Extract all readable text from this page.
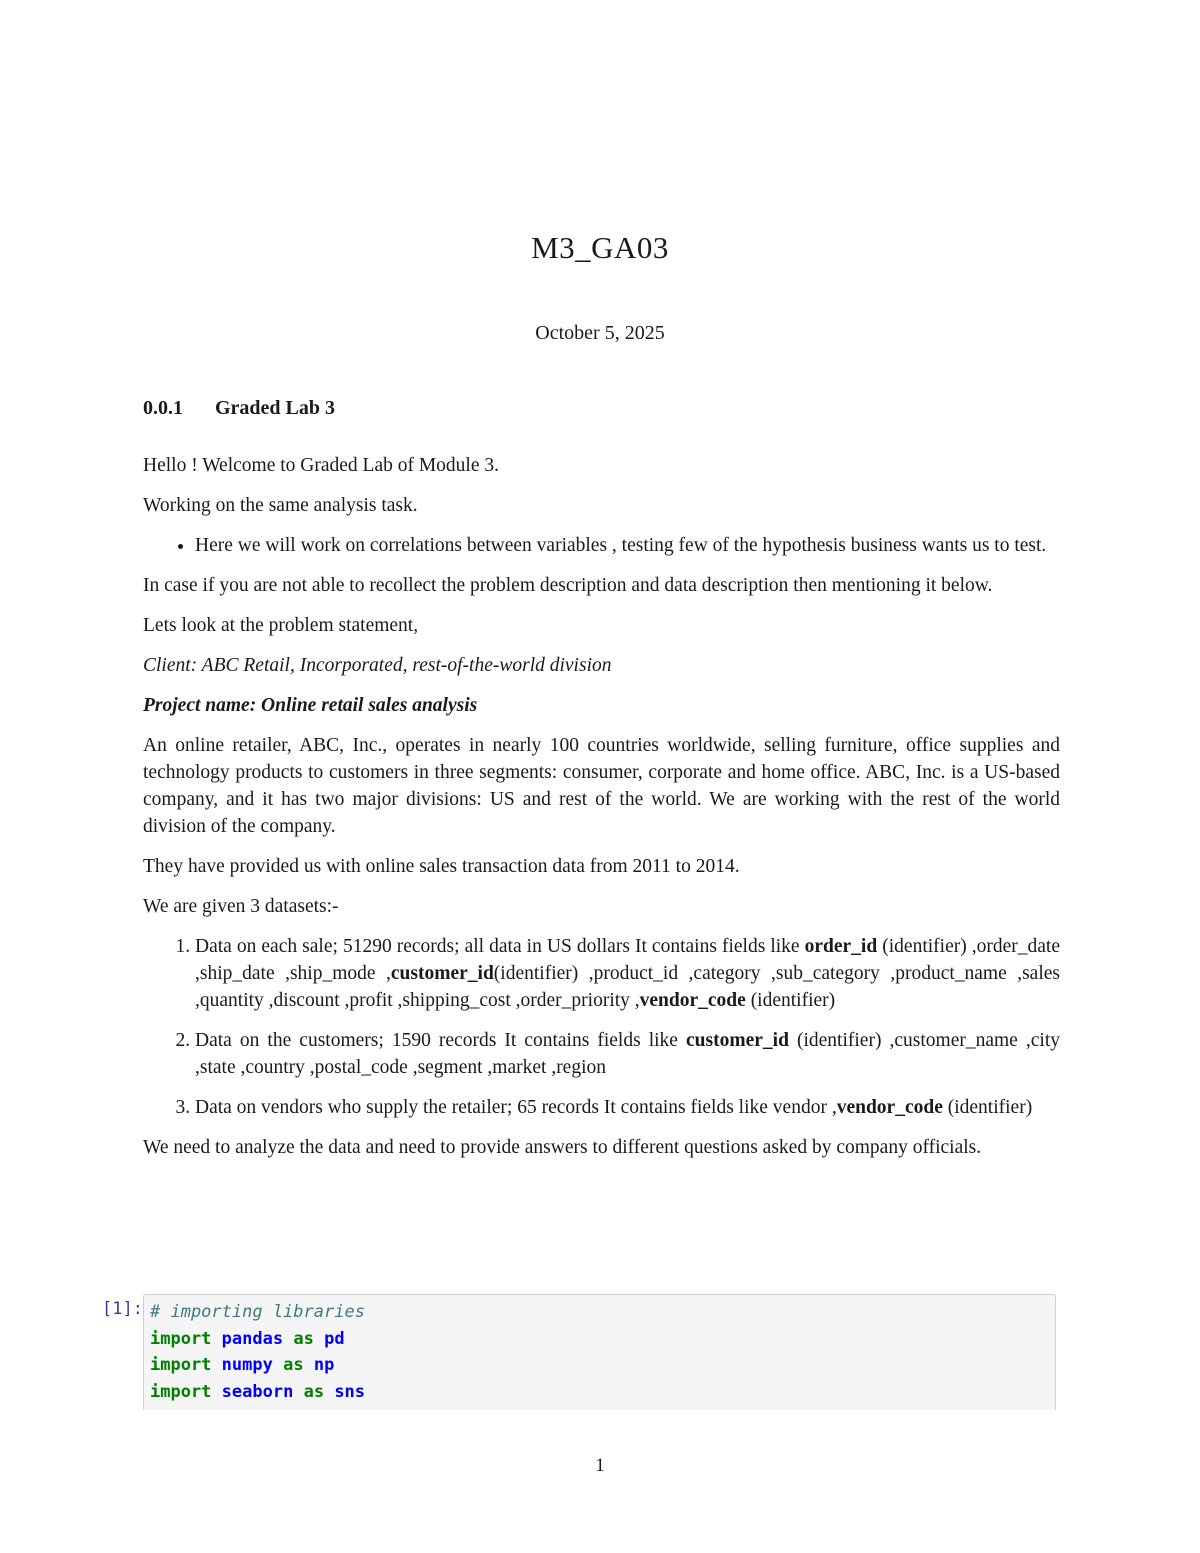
M3_GA03
October 5, 2025
0.0.1 Graded Lab 3

Hello ! Welcome to Graded Lab of Module 3.

Working on the same analysis task.

• Here we will work on correlations between variables , testing few of the hypothesis business wants us to test.

In case if you are not able to recollect the problem description and data description then mentioning it below.

Lets look at the problem statement,

Client: ABC Retail, Incorporated, rest-of-the-world division

Project name: Online retail sales analysis

An online retailer, ABC, Inc., operates in nearly 100 countries worldwide, selling furniture, office supplies and technology products to customers in three segments: consumer, corporate and home office. ABC, Inc. is a US-based company, and it has two major divisions: US and rest of the world. We are working with the rest of the world division of the company.

They have provided us with online sales transaction data from 2011 to 2014.

We are given 3 datasets:-

1. Data on each sale; 51290 records; all data in US dollars It contains fields like order_id (identifier) ,order_date ,ship_date ,ship_mode ,customer_id(identifier) ,product_id ,category ,sub_category ,product_name ,sales ,quantity ,discount ,profit ,shipping_cost ,order_priority ,vendor_code (identifier)
2. Data on the customers; 1590 records It contains fields like customer_id (identifier) ,customer_name ,city ,state ,country ,postal_code ,segment ,market ,region
3. Data on vendors who supply the retailer; 65 records It contains fields like vendor ,vendor_code (identifier)

We need to analyze the data and need to provide answers to different questions asked by company officials.

[1]: # importing libraries
import pandas as pd
import numpy as np
import seaborn as sns
1
